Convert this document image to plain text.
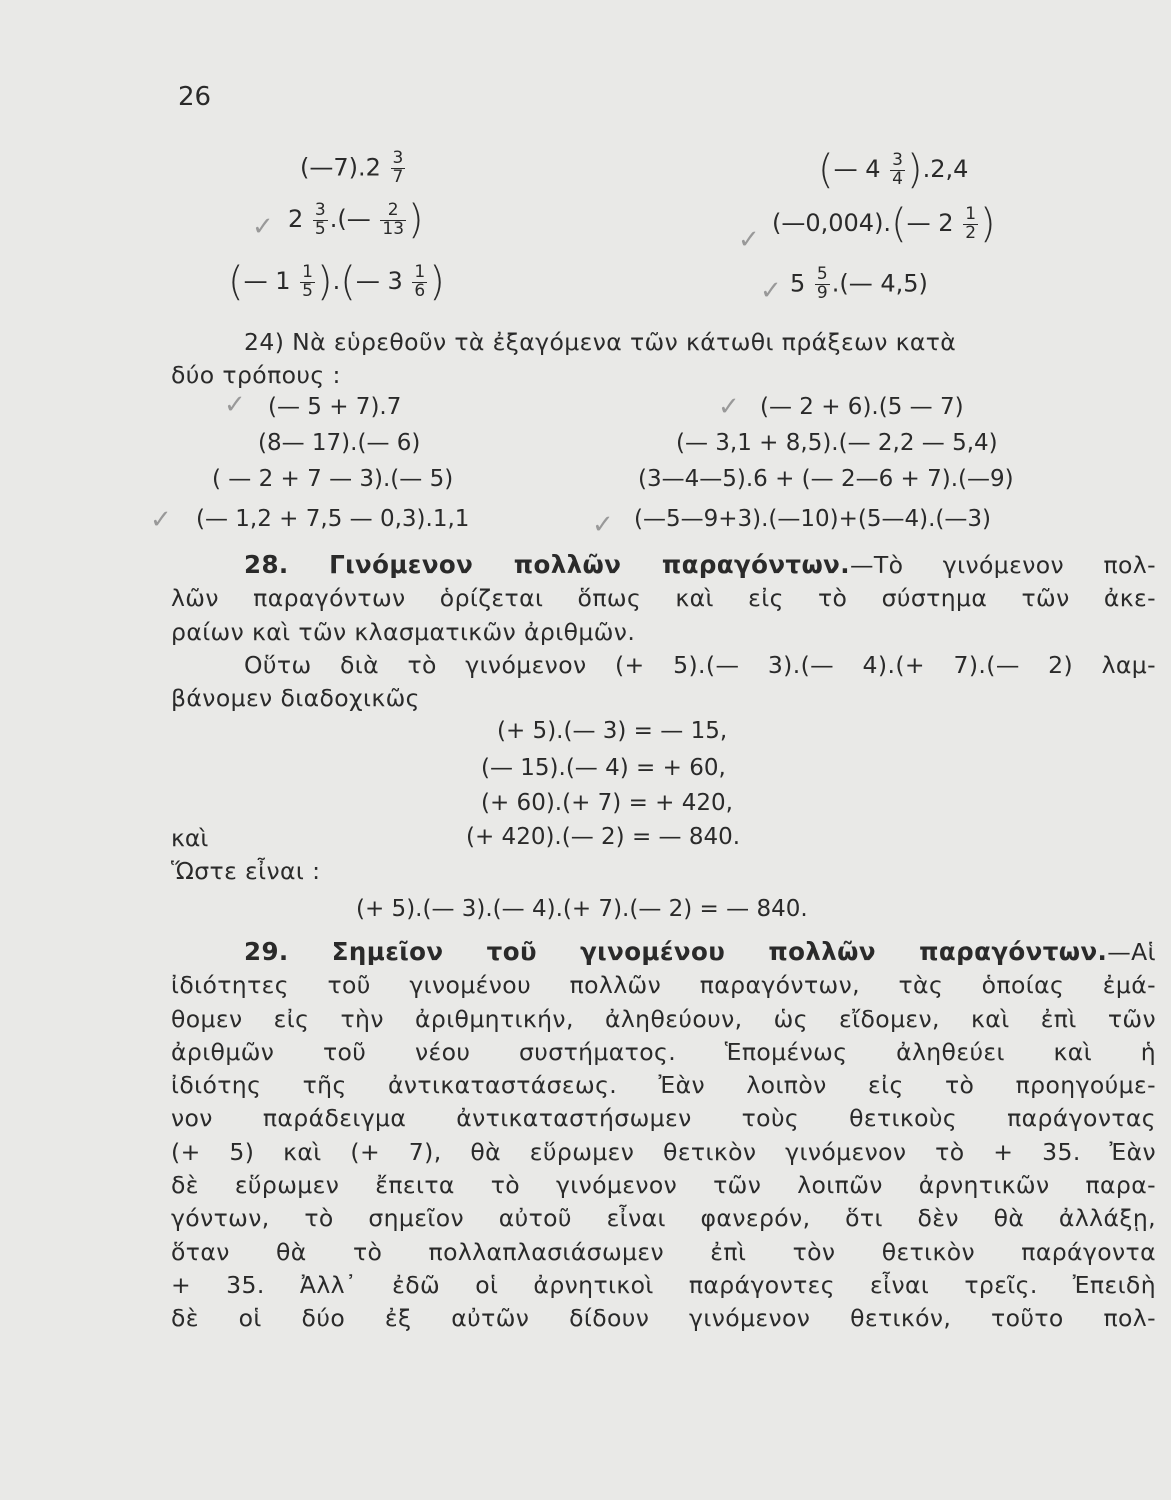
26
(—7).2 $\frac{3}{7}$
✓ $2 \frac{3}{5}$ .(— $\frac{2}{13}$ )
(— $1 \frac{1}{5}$ ).(— $3 \frac{1}{6}$ )
(— $4 \frac{3}{4} ).2,4$
✓
(—0,004).(— $2 \frac{1}{2}$ )
✓ $5 \frac{5}{9}$ .(— 4,5)
24) Νὰ εὑρεθοῦν τὰ ἐξαγόμενα τῶν κάτωθι πράξεων κατὰ
δύο τρόπους :
✓ (— 5 + 7).7
(8— 17).(— 6)
( — 2 + 7 — 3).(— 5)
✓ (— 1,2 + 7,5 — 0,3).1,1
✓ (— 2 + 6).(5 — 7)
(— 3,1 + 8,5).(— 2,2 — 5,4)
(3—4—5).6 + (— 2—6 + 7).(—9)
✓ (—5—9+3).(—10)+(5—4).(—3)
28. Γινόμενον πολλῶν παραγόντων.—Τὸ γινόμενον πολ-
λῶν παραγόντων ὁρίζεται ὅπως καὶ εἰς τὸ σύστημα τῶν ἀκε-
ραίων καὶ τῶν κλασματικῶν ἀριθμῶν.
Οὕτω διὰ τὸ γινόμενον (+ 5).(— 3).(— 4).(+ 7).(— 2) λαμ-
βάνομεν διαδοχικῶς
(+ 5).(— 3) = — 15,
(— 15).(— 4) = + 60,
(+ 60).(+ 7) = + 420,
καὶ	(+ 420).(— 2) = — 840.
Ὥστε εἶναι :
(+ 5).(— 3).(— 4).(+ 7).(— 2) = — 840.
29. Σημεῖον τοῦ γινομένου πολλῶν παραγόντων.—Αἱ
ἰδιότητες τοῦ γινομένου πολλῶν παραγόντων, τὰς ὁποίας ἐμά-
θομεν εἰς τὴν ἀριθμητικήν, ἀληθεύουν, ὡς εἴδομεν, καὶ ἐπὶ τῶν
ἀριθμῶν τοῦ νέου συστήματος. Ἑπομένως ἀληθεύει καὶ ἡ
ἰδιότης τῆς ἀντικαταστάσεως. Ἐὰν λοιπὸν εἰς τὸ προηγούμε-
νον παράδειγμα ἀντικαταστήσωμεν τοὺς θετικοὺς παράγοντας
(+ 5) καὶ (+ 7), θὰ εὕρωμεν θετικὸν γινόμενον τὸ + 35. Ἐὰν
δὲ εὕρωμεν ἔπειτα τὸ γινόμενον τῶν λοιπῶν ἀρνητικῶν παρα-
γόντων, τὸ σημεῖον αὐτοῦ εἶναι φανερόν, ὅτι δὲν θὰ ἀλλάξῃ,
ὅταν θὰ τὸ πολλαπλασιάσωμεν ἐπὶ τὸν θετικὸν παράγοντα
+ 35. Ἀλλ᾽ ἐδῶ οἱ ἀρνητικοὶ παράγοντες εἶναι τρεῖς. Ἐπειδὴ
δὲ οἱ δύο ἐξ αὐτῶν δίδουν γινόμενον θετικόν, τοῦτο πολ-
